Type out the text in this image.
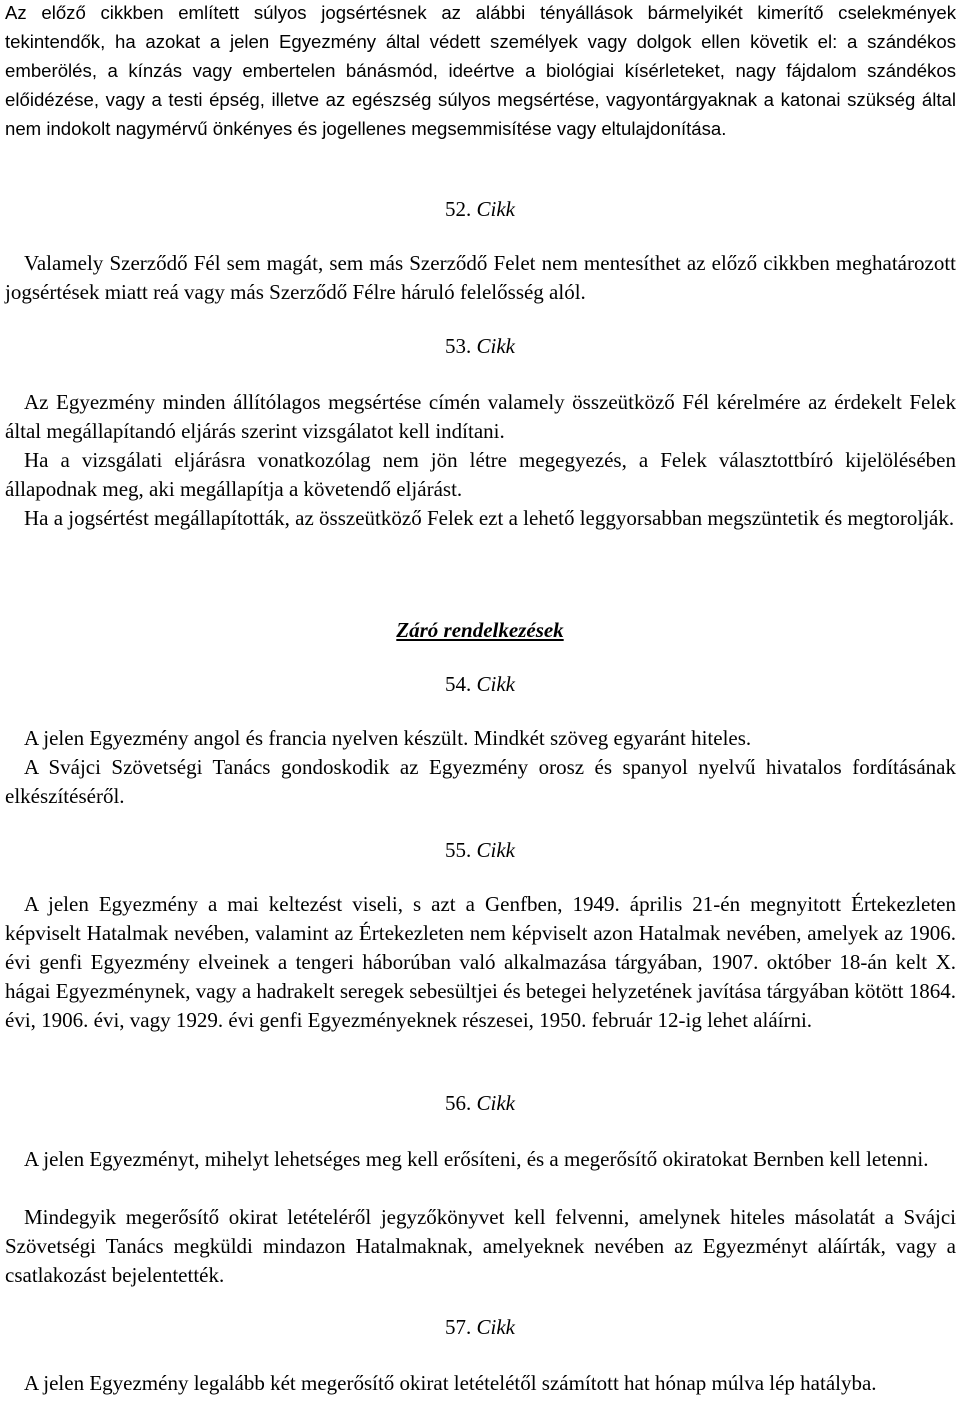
Az előző cikkben említett súlyos jogsértésnek az alábbi tényállások bármelyikét kimerítő cselekmények tekintendők, ha azokat a jelen Egyezmény által védett személyek vagy dolgok ellen követik el: a szándékos emberölés, a kínzás vagy embertelen bánásmód, ideértve a biológiai kísérleteket, nagy fájdalom szándékos előidézése, vagy a testi épség, illetve az egészség súlyos megsértése, vagyontárgyaknak a katonai szükség által nem indokolt nagymérvű önkényes és jogellenes megsemmisítése vagy eltulajdonítása.

52. Cikk

Valamely Szerződő Fél sem magát, sem más Szerződő Felet nem mentesíthet az előző cikkben meghatározott jogsértések miatt reá vagy más Szerződő Félre háruló felelősség alól.

53. Cikk

Az Egyezmény minden állítólagos megsértése címén valamely összeütköző Fél kérelmére az érdekelt Felek által megállapítandó eljárás szerint vizsgálatot kell indítani.

Ha a vizsgálati eljárásra vonatkozólag nem jön létre megegyezés, a Felek választottbíró kijelölésében állapodnak meg, aki megállapítja a követendő eljárást.

Ha a jogsértést megállapították, az összeütköző Felek ezt a lehető leggyorsabban megszüntetik és megtorolják.

Záró rendelkezések

54. Cikk

A jelen Egyezmény angol és francia nyelven készült. Mindkét szöveg egyaránt hiteles.

A Svájci Szövetségi Tanács gondoskodik az Egyezmény orosz és spanyol nyelvű hivatalos fordításának elkészítéséről.

55. Cikk

A jelen Egyezmény a mai keltezést viseli, s azt a Genfben, 1949. április 21-én megnyitott Értekezleten képviselt Hatalmak nevében, valamint az Értekezleten nem képviselt azon Hatalmak nevében, amelyek az 1906. évi genfi Egyezmény elveinek a tengeri háborúban való alkalmazása tárgyában, 1907. október 18-án kelt X. hágai Egyezménynek, vagy a hadrakelt seregek sebesültjei és betegei helyzetének javítása tárgyában kötött 1864. évi, 1906. évi, vagy 1929. évi genfi Egyezményeknek részesei, 1950. február 12-ig lehet aláírni.

56. Cikk

A jelen Egyezményt, mihelyt lehetséges meg kell erősíteni, és a megerősítő okiratokat Bernben kell letenni.

Mindegyik megerősítő okirat letételéről jegyzőkönyvet kell felvenni, amelynek hiteles másolatát a Svájci Szövetségi Tanács megküldi mindazon Hatalmaknak, amelyeknek nevében az Egyezményt aláírták, vagy a csatlakozást bejelentették.

57. Cikk

A jelen Egyezmény legalább két megerősítő okirat letételétől számított hat hónap múlva lép hatályba.
